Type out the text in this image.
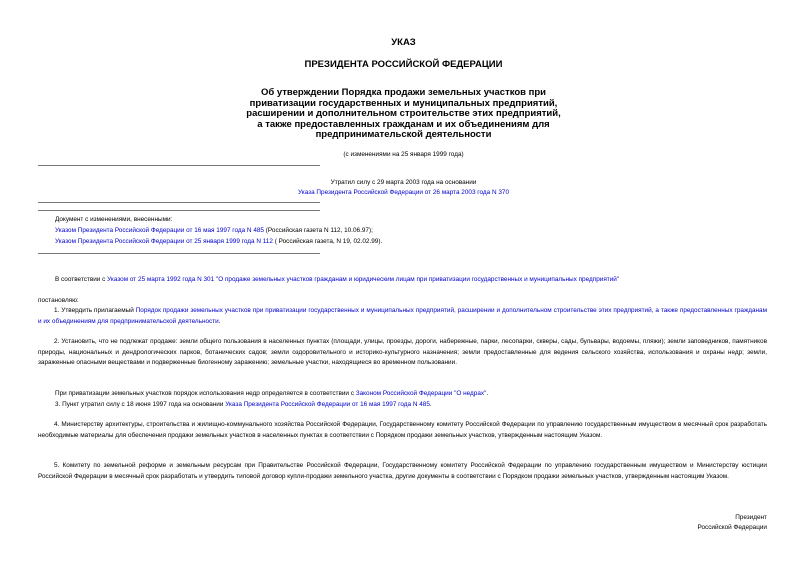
УКАЗ
ПРЕЗИДЕНТА РОССИЙСКОЙ ФЕДЕРАЦИИ
Об утверждении Порядка продажи земельных участков при
приватизации государственных и муниципальных предприятий,
расширении и дополнительном строительстве этих предприятий,
а также предоставленных гражданам и их объединениям для
предпринимательской деятельности
(с изменениями на 25 января 1999 года)
Утратил силу с 29 марта 2003 года на основании
Указа Президента Российской Федерации от 26 марта 2003 года N 370
Документ с изменениями, внесенными:
Указом Президента Российской Федерации от 16 мая 1997 года N 485 (Российская газета N 112, 10.06.97);
Указом Президента Российской Федерации от 25 января 1999 года N 112 ( Российская газета, N 19, 02.02.99).
В соответствии с Указом от 25 марта 1992 года N 301 "О продаже земельных участков гражданам и юридическим лицам при приватизации государственных и муниципальных предприятий"
постановляю:
1. Утвердить прилагаемый Порядок продажи земельных участков при приватизации государственных и муниципальных предприятий, расширении и дополнительном строительстве этих предприятий, а также предоставленных гражданам и их объединениям для предпринимательской деятельности.
2. Установить, что не подлежат продаже: земли общего пользования в населенных пунктах (площади, улицы, проезды, дороги, набережные, парки, лесопарки, скверы, сады, бульвары, водоемы, пляжи); земли заповедников, памятников природы, национальных и дендрологических парков, ботанических садов; земли оздоровительного и историко-культурного назначения; земли предоставленные для ведения сельского хозяйства, использования и охраны недр; земли, зараженные опасными веществами и подверженные биогенному заражению; земельные участки, находящиеся во временном пользовании.
При приватизации земельных участков порядок использования недр определяется в соответствии с Законом Российской Федерации "О недрах".
3. Пункт утратил силу с 18 июня 1997 года на основании Указа Президента Российской Федерации от 16 мая 1997 года N 485.
4. Министерству архитектуры, строительства и жилищно-коммунального хозяйства Российской Федерации, Государственному комитету Российской Федерации по управлению государственным имуществом в месячный срок разработать необходимые материалы для обеспечения продажи земельных участков в населенных пунктах в соответствии с Порядком продажи земельных участков, утвержденным настоящим Указом.
5. Комитету по земельной реформе и земельным ресурсам при Правительстве Российской Федерации, Государственному комитету Российской Федерации по управлению государственным имуществом и Министерству юстиции Российской Федерации в месячный срок разработать и утвердить типовой договор купли-продажи земельного участка, другие документы в соответствии с Порядком продажи земельных участков, утвержденным настоящим Указом.
Президент
Российской Федерации
